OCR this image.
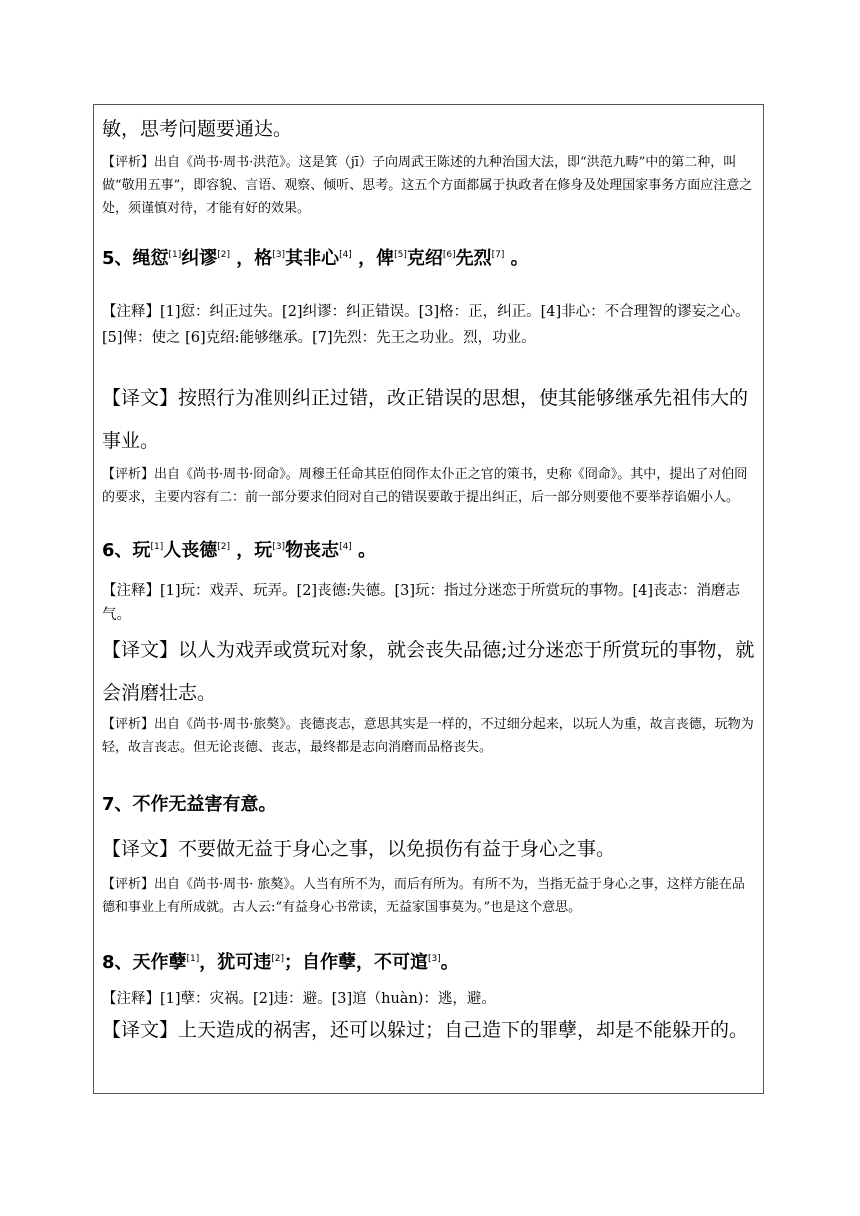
敏，思考问题要通达。

【评析】出自《尚书·周书·洪范》。这是箕（jī）子向周武王陈述的九种治国大法，即“洪范九畴”中的第二种，叫做“敬用五事”，即容貌、言语、观察、倾听、思考。这五个方面都属于执政者在修身及处理国家事务方面应注意之处，须谨慎对待，才能有好的效果。

5、绳愆[1]纠谬[2] ，格[3]其非心[4] ，俾[5]克绍[6]先烈[7] 。

【注释】[1]愆：纠正过失。[2]纠谬：纠正错误。[3]格：正，纠正。[4]非心：不合理智的谬妄之心。[5]俾：使之 [6]克绍:能够继承。[7]先烈：先王之功业。烈，功业。

【译文】按照行为准则纠正过错，改正错误的思想，使其能够继承先祖伟大的事业。

【评析】出自《尚书·周书·冏命》。周穆王任命其臣伯冏作太仆正之官的策书，史称《冏命》。其中，提出了对伯冏的要求，主要内容有二：前一部分要求伯冏对自己的错误要敢于提出纠正，后一部分则要他不要举荐谄媚小人。

6、玩[1]人丧德[2] ，玩[3]物丧志[4] 。

【注释】[1]玩：戏弄、玩弄。[2]丧德:失德。[3]玩：指过分迷恋于所赏玩的事物。[4]丧志：消磨志气。

【译文】以人为戏弄或赏玩对象，就会丧失品德;过分迷恋于所赏玩的事物，就会消磨壮志。

【评析】出自《尚书·周书·旅獒》。丧德丧志，意思其实是一样的，不过细分起来，以玩人为重，故言丧德，玩物为轻，故言丧志。但无论丧德、丧志，最终都是志向消磨而品格丧失。

7、不作无益害有意。

【译文】不要做无益于身心之事，以免损伤有益于身心之事。

【评析】出自《尚书·周书· 旅獒》。人当有所不为，而后有所为。有所不为，当指无益于身心之事，这样方能在品德和事业上有所成就。古人云:“有益身心书常读，无益家国事莫为。”也是这个意思。

8、天作孽[1]，犹可违[2]；自作孽，不可逭[3]。

【注释】[1]孽：灾祸。[2]违：避。[3]逭（huàn)：逃，避。

【译文】上天造成的祸害，还可以躲过；自己造下的罪孽，却是不能躲开的。
